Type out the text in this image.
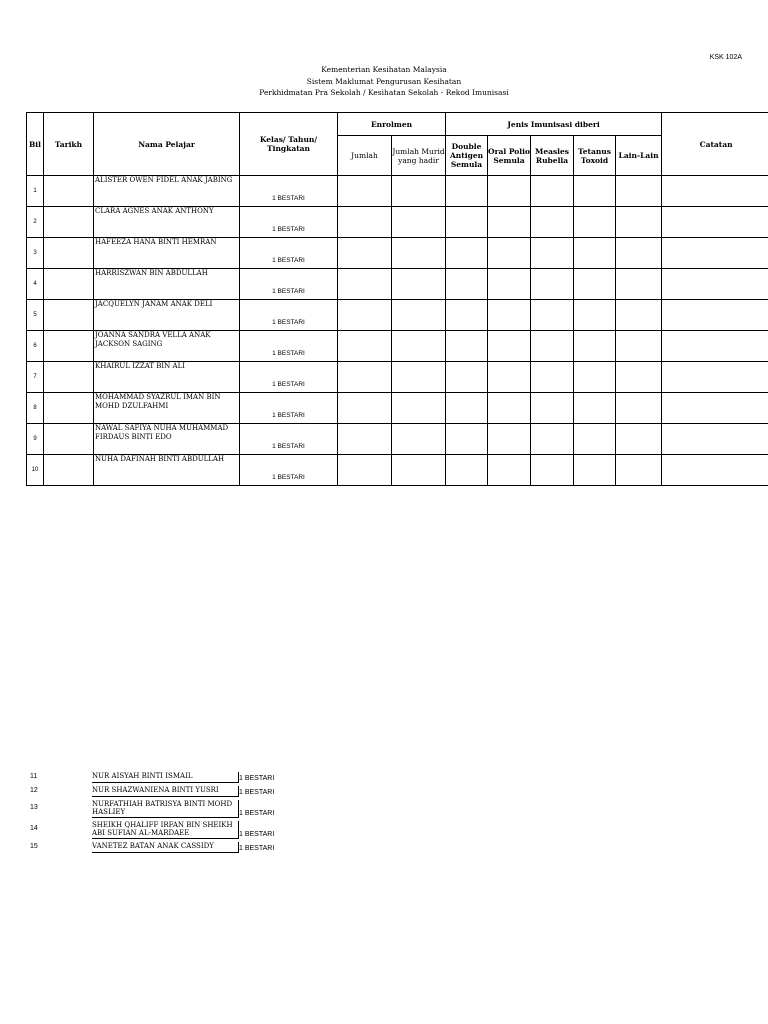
KSK 102A
Kementerian Kesihatan Malaysia
Sistem Maklumat Pengurusan Kesihatan
Perkhidmatan Pra Sekolah / Kesihatan Sekolah - Rekod Imunisasi
Bil	Tarikh	Nama Pelajar	Kelas/ Tahun/ Tingkatan	Enrolmen		Jenis Imunisasi diberi					Catatan
				Jumlah	Jumlah Murid yang hadir	Double Antigen Semula	Oral Polio Semula	Measles Rubella	Tetanus Toxoid	Lain-Lain	
1		ALISTER OWEN FIDEL ANAK JABING	1 BESTARI								
2		CLARA AGNES ANAK ANTHONY	1 BESTARI								
3		HAFEEZA HANA BINTI HEMRAN	1 BESTARI								
4		HARRISZWAN BIN ABDULLAH	1 BESTARI								
5		JACQUELYN JANAM ANAK DELI	1 BESTARI								
6		JOANNA SANDRA VELLA ANAK JACKSON SAGING	1 BESTARI								
7		KHAIRUL IZZAT BIN ALI	1 BESTARI								
8		MOHAMMAD SYAZRUL IMAN BIN MOHD DZULFAHMI	1 BESTARI								
9		NAWAL SAFIYA NUHA MUHAMMAD FIRDAUS BINTI EDO	1 BESTARI								
10		NUHA DAFINAH BINTI ABDULLAH	1 BESTARI								
11	NUR AISYAH BINTI ISMAIL	1 BESTARI
12	NUR SHAZWANIENA BINTI YUSRI	1 BESTARI
13	NURFATHIAH BATRISYA BINTI MOHD HASLIEY	1 BESTARI
14	SHEIKH QHALIFF IRFAN BIN SHEIKH ABI SUFIAN AL-MARDAEE	1 BESTARI
15	VANETEZ BATAN ANAK CASSIDY	1 BESTARI
